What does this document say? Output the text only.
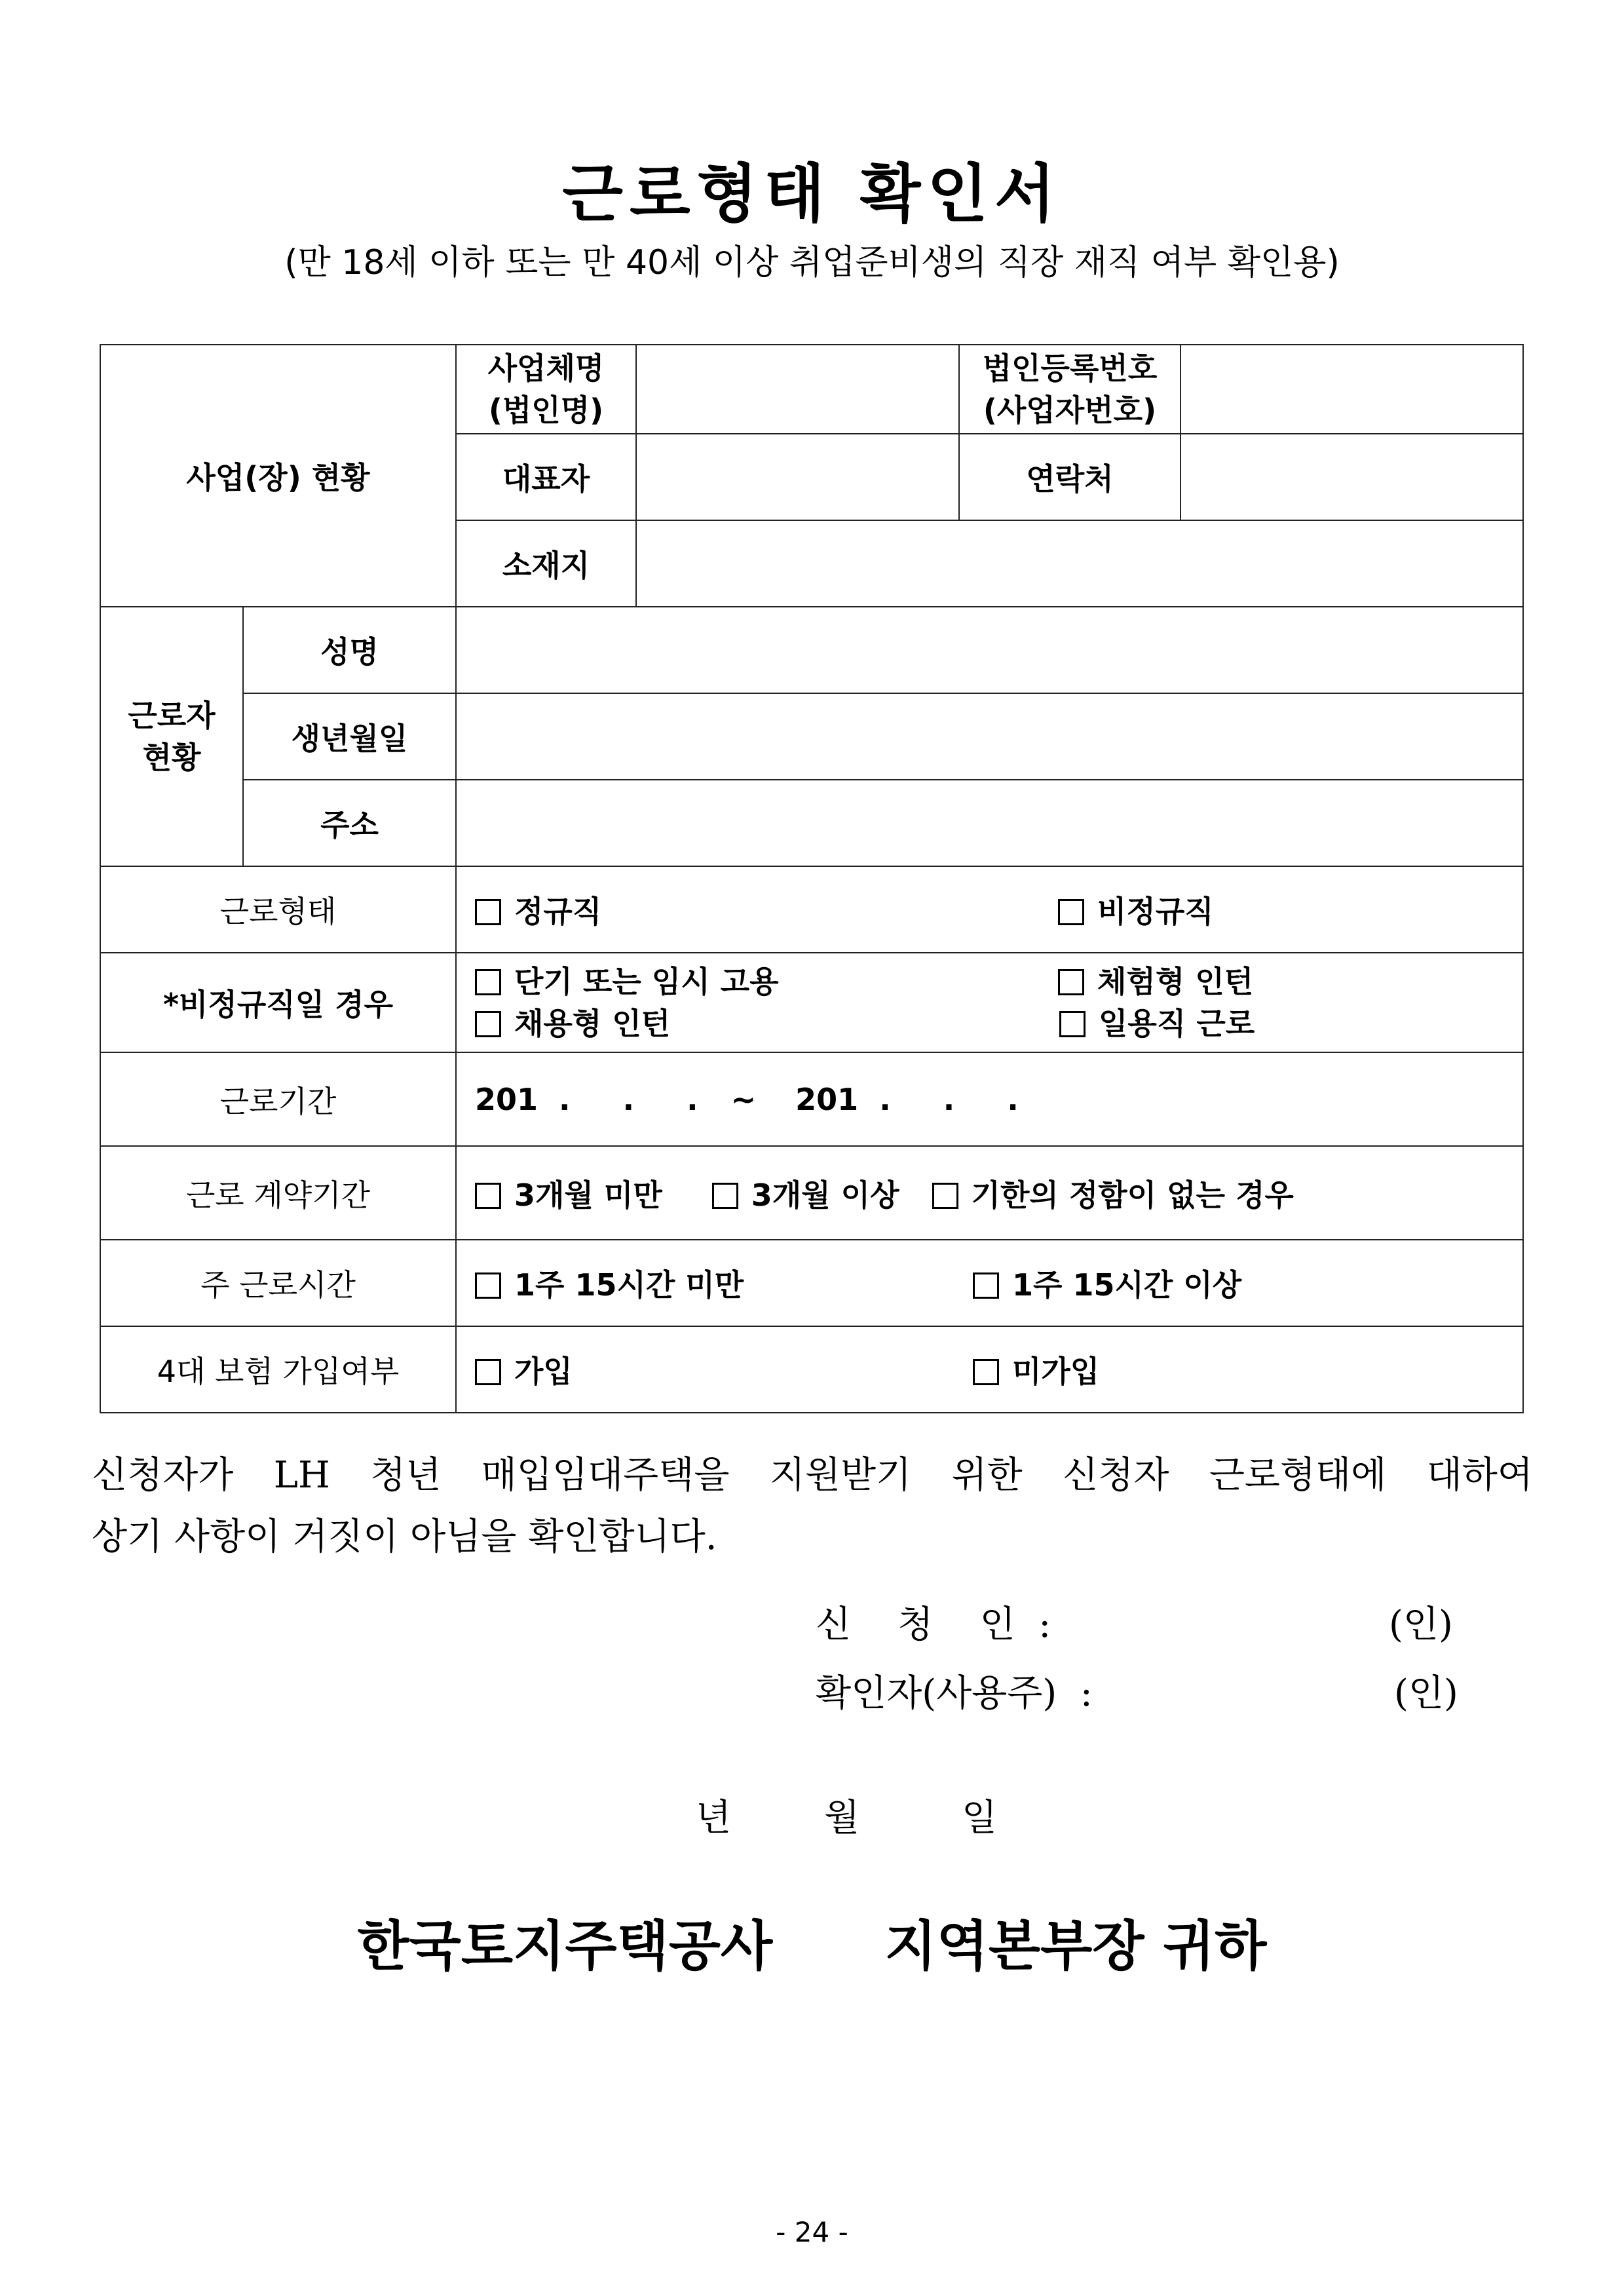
근로형태 확인서
(만 18세 이하 또는 만 40세 이상 취업준비생의 직장 재직 여부 확인용)
사업(장) 현황		사업체명
(법인명)		법인등록번호
(사업자번호)	
		대표자		연락처	
		소재지			
근로자
현황	성명				
	생년월일				
	주소				
근로형태		정규직 비정규직			

*비정규직일 경우		단기 또는 임시 고용 체험형 인턴
채용형 인턴 일용직 근로			

근로기간		201  .     .     . ~ 201  .     .     .			
근로 계약기간		3개월 미만 3개월 이상 기한의 정함이 없는 경우			
주 근로시간		1주 15시간 미만 1주 15시간 이상			

4대 보험 가입여부		가입 미가입			
신청자가 LH 청년 매입임대주택을 지원받기 위한 신청자 근로형태에 대하여
상기 사항이 거짓이 아님을 확인합니다.
신    청    인  :	(인)
확인자(사용주)  :	(인)
년	월	일
한국토지주택공사      지역본부장 귀하
- 24 -
